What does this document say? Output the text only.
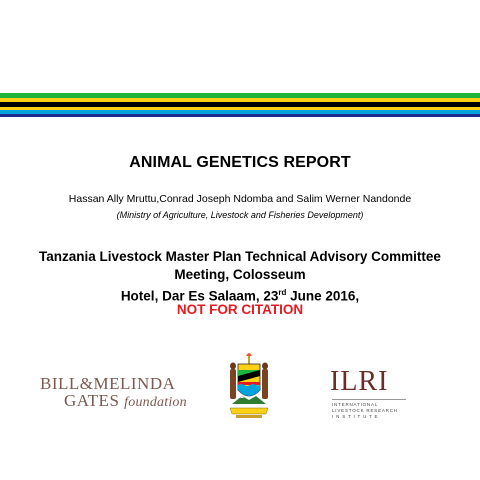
ANIMAL GENETICS REPORT
Hassan Ally Mruttu,Conrad Joseph Ndomba and Salim Werner Nandonde
(Ministry of Agriculture, Livestock and Fisheries Development)
Tanzania Livestock Master Plan Technical Advisory Committee Meeting, Colosseum
Hotel, Dar Es Salaam, 23rd June 2016,
NOT FOR CITATION
BILL&MELINDA
GATES foundation
ILRI
INTERNATIONAL
LIVESTOCK RESEARCH
I N S T I T U T E
